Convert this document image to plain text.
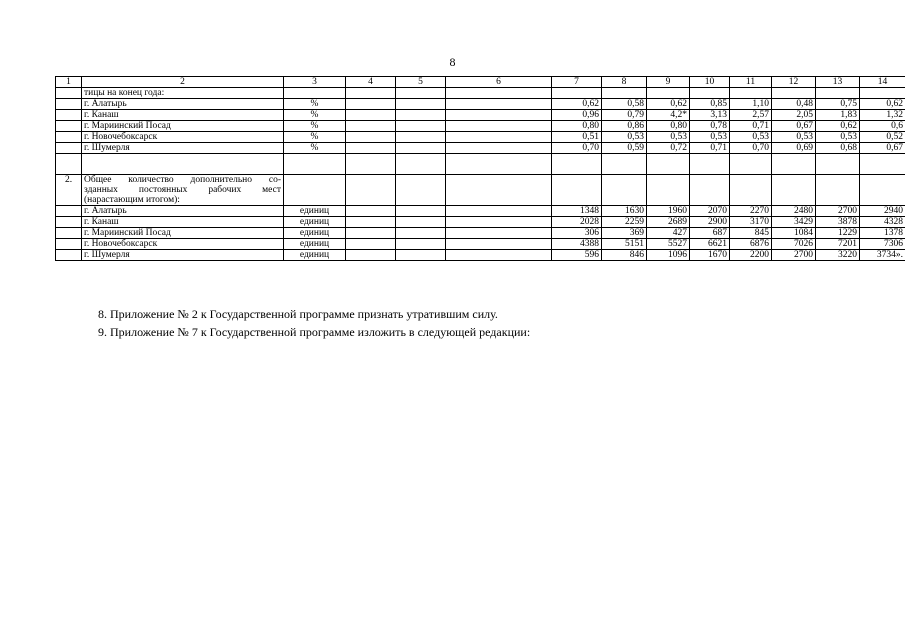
8
1	2	3	4	5	6	7	8	9	10	11	12	13	14
	тицы на конец года:												
	г. Алатырь	%				0,62	0,58	0,62	0,85	1,10	0,48	0,75	0,62
	г. Канаш	%				0,96	0,79	4,2*	3,13	2,57	2,05	1,83	1,32
	г. Мариинский Посад	%				0,80	0,86	0,80	0,78	0,71	0,67	0,62	0,6
	г. Новочебоксарск	%				0,51	0,53	0,53	0,53	0,53	0,53	0,53	0,52
	г. Шумерля	%				0,70	0,59	0,72	0,71	0,70	0,69	0,68	0,67

2.	Общее количество дополнительно со-
зданных постоянных рабочих мест
(нарастающим итогом):												

	г. Алатырь	единиц				1348	1630	1960	2070	2270	2480	2700	2940
	г. Канаш	единиц				2028	2259	2689	2900	3170	3429	3878	4328
	г. Мариинский Посад	единиц				306	369	427	687	845	1084	1229	1378
	г. Новочебоксарск	единиц				4388	5151	5527	6621	6876	7026	7201	7306
	г. Шумерля	единиц				596	846	1096	1670	2200	2700	3220	3734».
8. Приложение № 2 к Государственной программе признать утратившим силу.
9. Приложение № 7 к Государственной программе изложить в следующей редакции:
